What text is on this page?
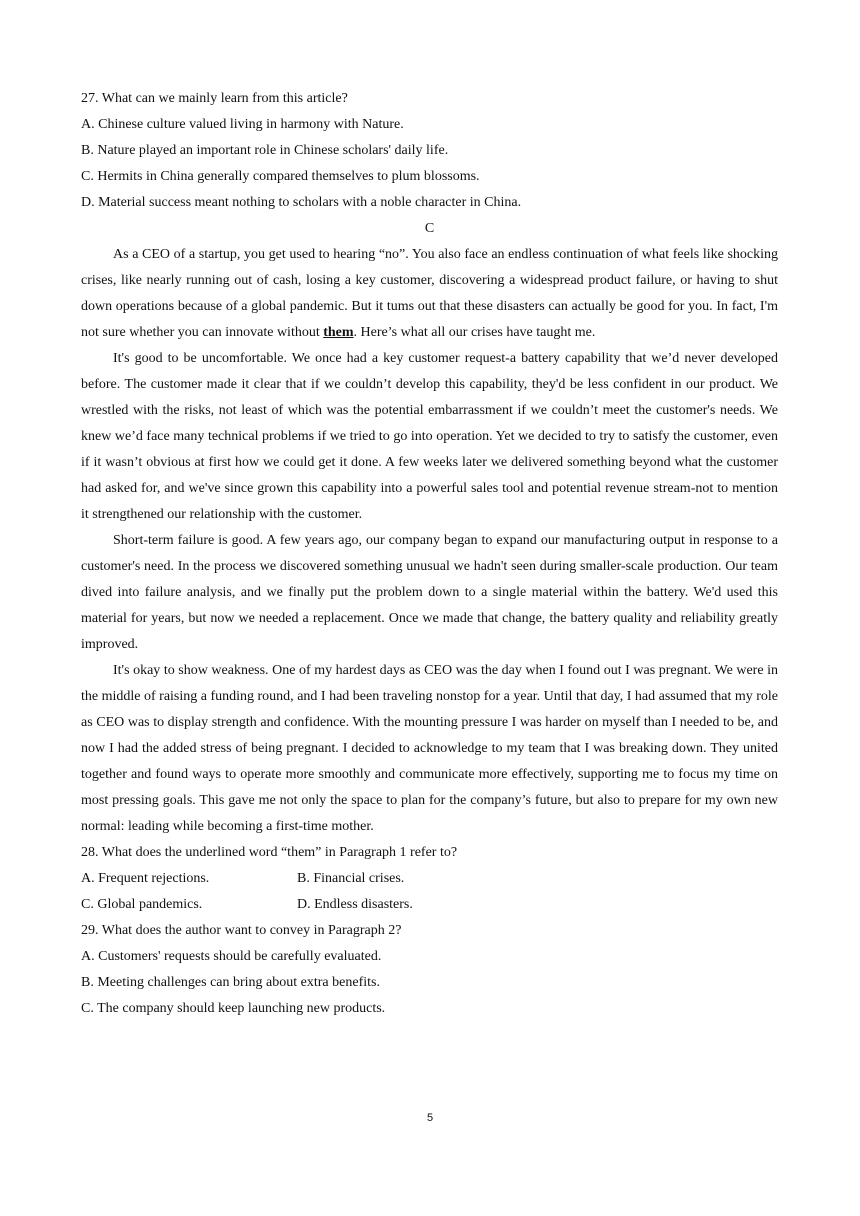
27. What can we mainly learn from this article?
A. Chinese culture valued living in harmony with Nature.
B. Nature played an important role in Chinese scholars' daily life.
C. Hermits in China generally compared themselves to plum blossoms.
D. Material success meant nothing to scholars with a noble character in China.
C

As a CEO of a startup, you get used to hearing “no”. You also face an endless continuation of what feels like shocking crises, like nearly running out of cash, losing a key customer, discovering a widespread product failure, or having to shut down operations because of a global pandemic. But it tums out that these disasters can actually be good for you. In fact, I'm not sure whether you can innovate without them. Here’s what all our crises have taught me.

It's good to be uncomfortable. We once had a key customer request-a battery capability that we’d never developed before. The customer made it clear that if we couldn’t develop this capability, they'd be less confident in our product. We wrestled with the risks, not least of which was the potential embarrassment if we couldn’t meet the customer's needs. We knew we’d face many technical problems if we tried to go into operation. Yet we decided to try to satisfy the customer, even if it wasn’t obvious at first how we could get it done. A few weeks later we delivered something beyond what the customer had asked for, and we've since grown this capability into a powerful sales tool and potential revenue stream-not to mention it strengthened our relationship with the customer.

Short-term failure is good. A few years ago, our company began to expand our manufacturing output in response to a customer's need. In the process we discovered something unusual we hadn't seen during smaller-scale production. Our team dived into failure analysis, and we finally put the problem down to a single material within the battery. We'd used this material for years, but now we needed a replacement. Once we made that change, the battery quality and reliability greatly improved.

It's okay to show weakness. One of my hardest days as CEO was the day when I found out I was pregnant. We were in the middle of raising a funding round, and I had been traveling nonstop for a year. Until that day, I had assumed that my role as CEO was to display strength and confidence. With the mounting pressure I was harder on myself than I needed to be, and now I had the added stress of being pregnant. I decided to acknowledge to my team that I was breaking down. They united together and found ways to operate more smoothly and communicate more effectively, supporting me to focus my time on most pressing goals. This gave me not only the space to plan for the company’s future, but also to prepare for my own new normal: leading while becoming a first-time mother.

28. What does the underlined word “them” in Paragraph 1 refer to?
A. Frequent rejections.	B. Financial crises.
C. Global pandemics.	D. Endless disasters.
29. What does the author want to convey in Paragraph 2?
A. Customers' requests should be carefully evaluated.
B. Meeting challenges can bring about extra benefits.
C. The company should keep launching new products.
5
